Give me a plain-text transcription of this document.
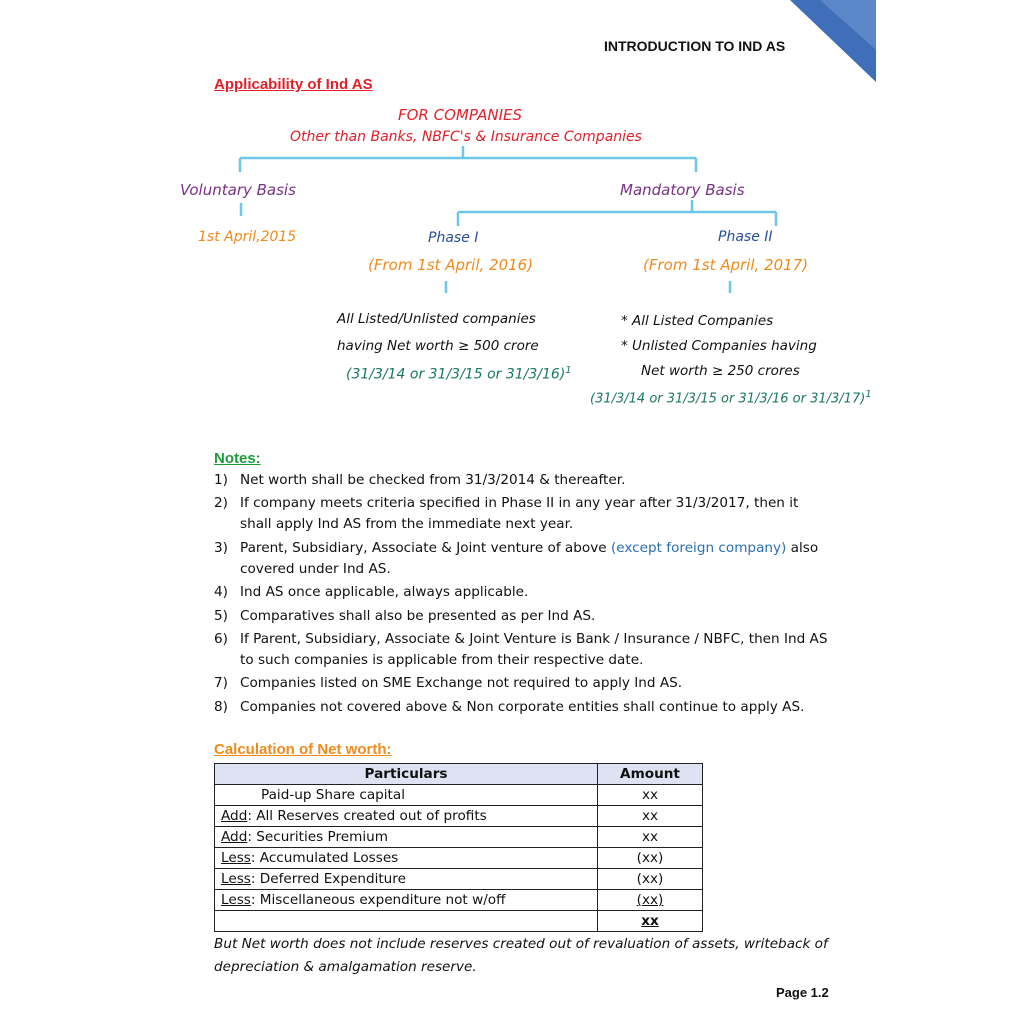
INTRODUCTION TO IND AS
Applicability of Ind AS
FOR COMPANIES
Other than Banks, NBFC's & Insurance Companies
Voluntary Basis
1st April,2015
Mandatory Basis
Phase I
(From 1st April, 2016)
All Listed/Unlisted companies
having Net worth ≥ 500 crore
(31/3/14 or 31/3/15 or 31/3/16)$^1$
Phase II
(From 1st April, 2017)
* All Listed Companies
* Unlisted Companies having
Net worth ≥ 250 crores
(31/3/14 or 31/3/15 or 31/3/16 or 31/3/17)$^1$
Notes:
1) Net worth shall be checked from 31/3/2014 & thereafter.
2) If company meets criteria specified in Phase II in any year after 31/3/2017, then it shall apply Ind AS from the immediate next year.
3) Parent, Subsidiary, Associate & Joint venture of above (except foreign company) also covered under Ind AS.
4) Ind AS once applicable, always applicable.
5) Comparatives shall also be presented as per Ind AS.
6) If Parent, Subsidiary, Associate & Joint Venture is Bank / Insurance / NBFC, then Ind AS to such companies is applicable from their respective date.
7) Companies listed on SME Exchange not required to apply Ind AS.
8) Companies not covered above & Non corporate entities shall continue to apply AS.
Calculation of Net worth:
Particulars	Amount
Paid-up Share capital	xx
Add: All Reserves created out of profits	xx
Add: Securities Premium	xx
Less: Accumulated Losses	(xx)
Less: Deferred Expenditure	(xx)
Less: Miscellaneous expenditure not w/off	(xx)
	xx
But Net worth does not include reserves created out of revaluation of assets, writeback of depreciation & amalgamation reserve.
Page 1.2
